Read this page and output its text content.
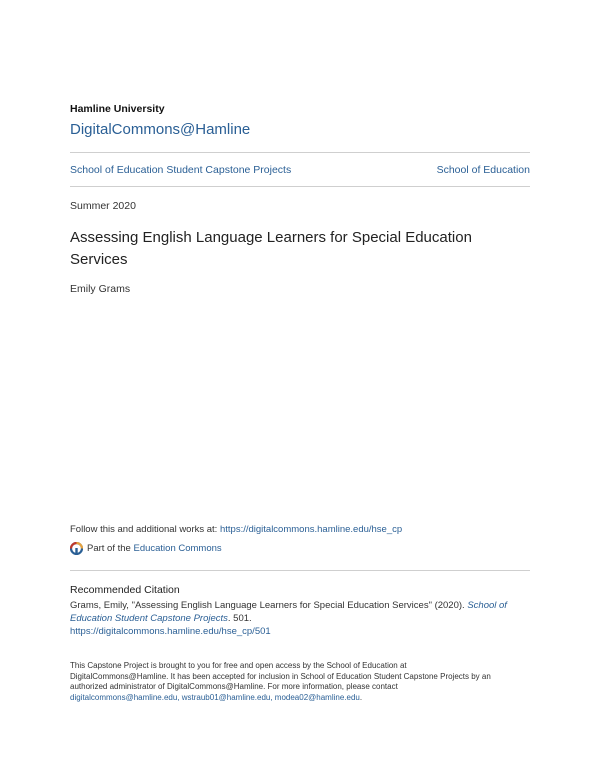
Hamline University
DigitalCommons@Hamline
School of Education Student Capstone Projects	School of Education
Summer 2020
Assessing English Language Learners for Special Education Services
Emily Grams
Follow this and additional works at: https://digitalcommons.hamline.edu/hse_cp
Part of the
Education Commons
Recommended Citation
Grams, Emily, "Assessing English Language Learners for Special Education Services" (2020). School of Education Student Capstone Projects. 501.
https://digitalcommons.hamline.edu/hse_cp/501
This Capstone Project is brought to you for free and open access by the School of Education at DigitalCommons@Hamline. It has been accepted for inclusion in School of Education Student Capstone Projects by an authorized administrator of DigitalCommons@Hamline. For more information, please contact digitalcommons@hamline.edu, wstraub01@hamline.edu, modea02@hamline.edu.
